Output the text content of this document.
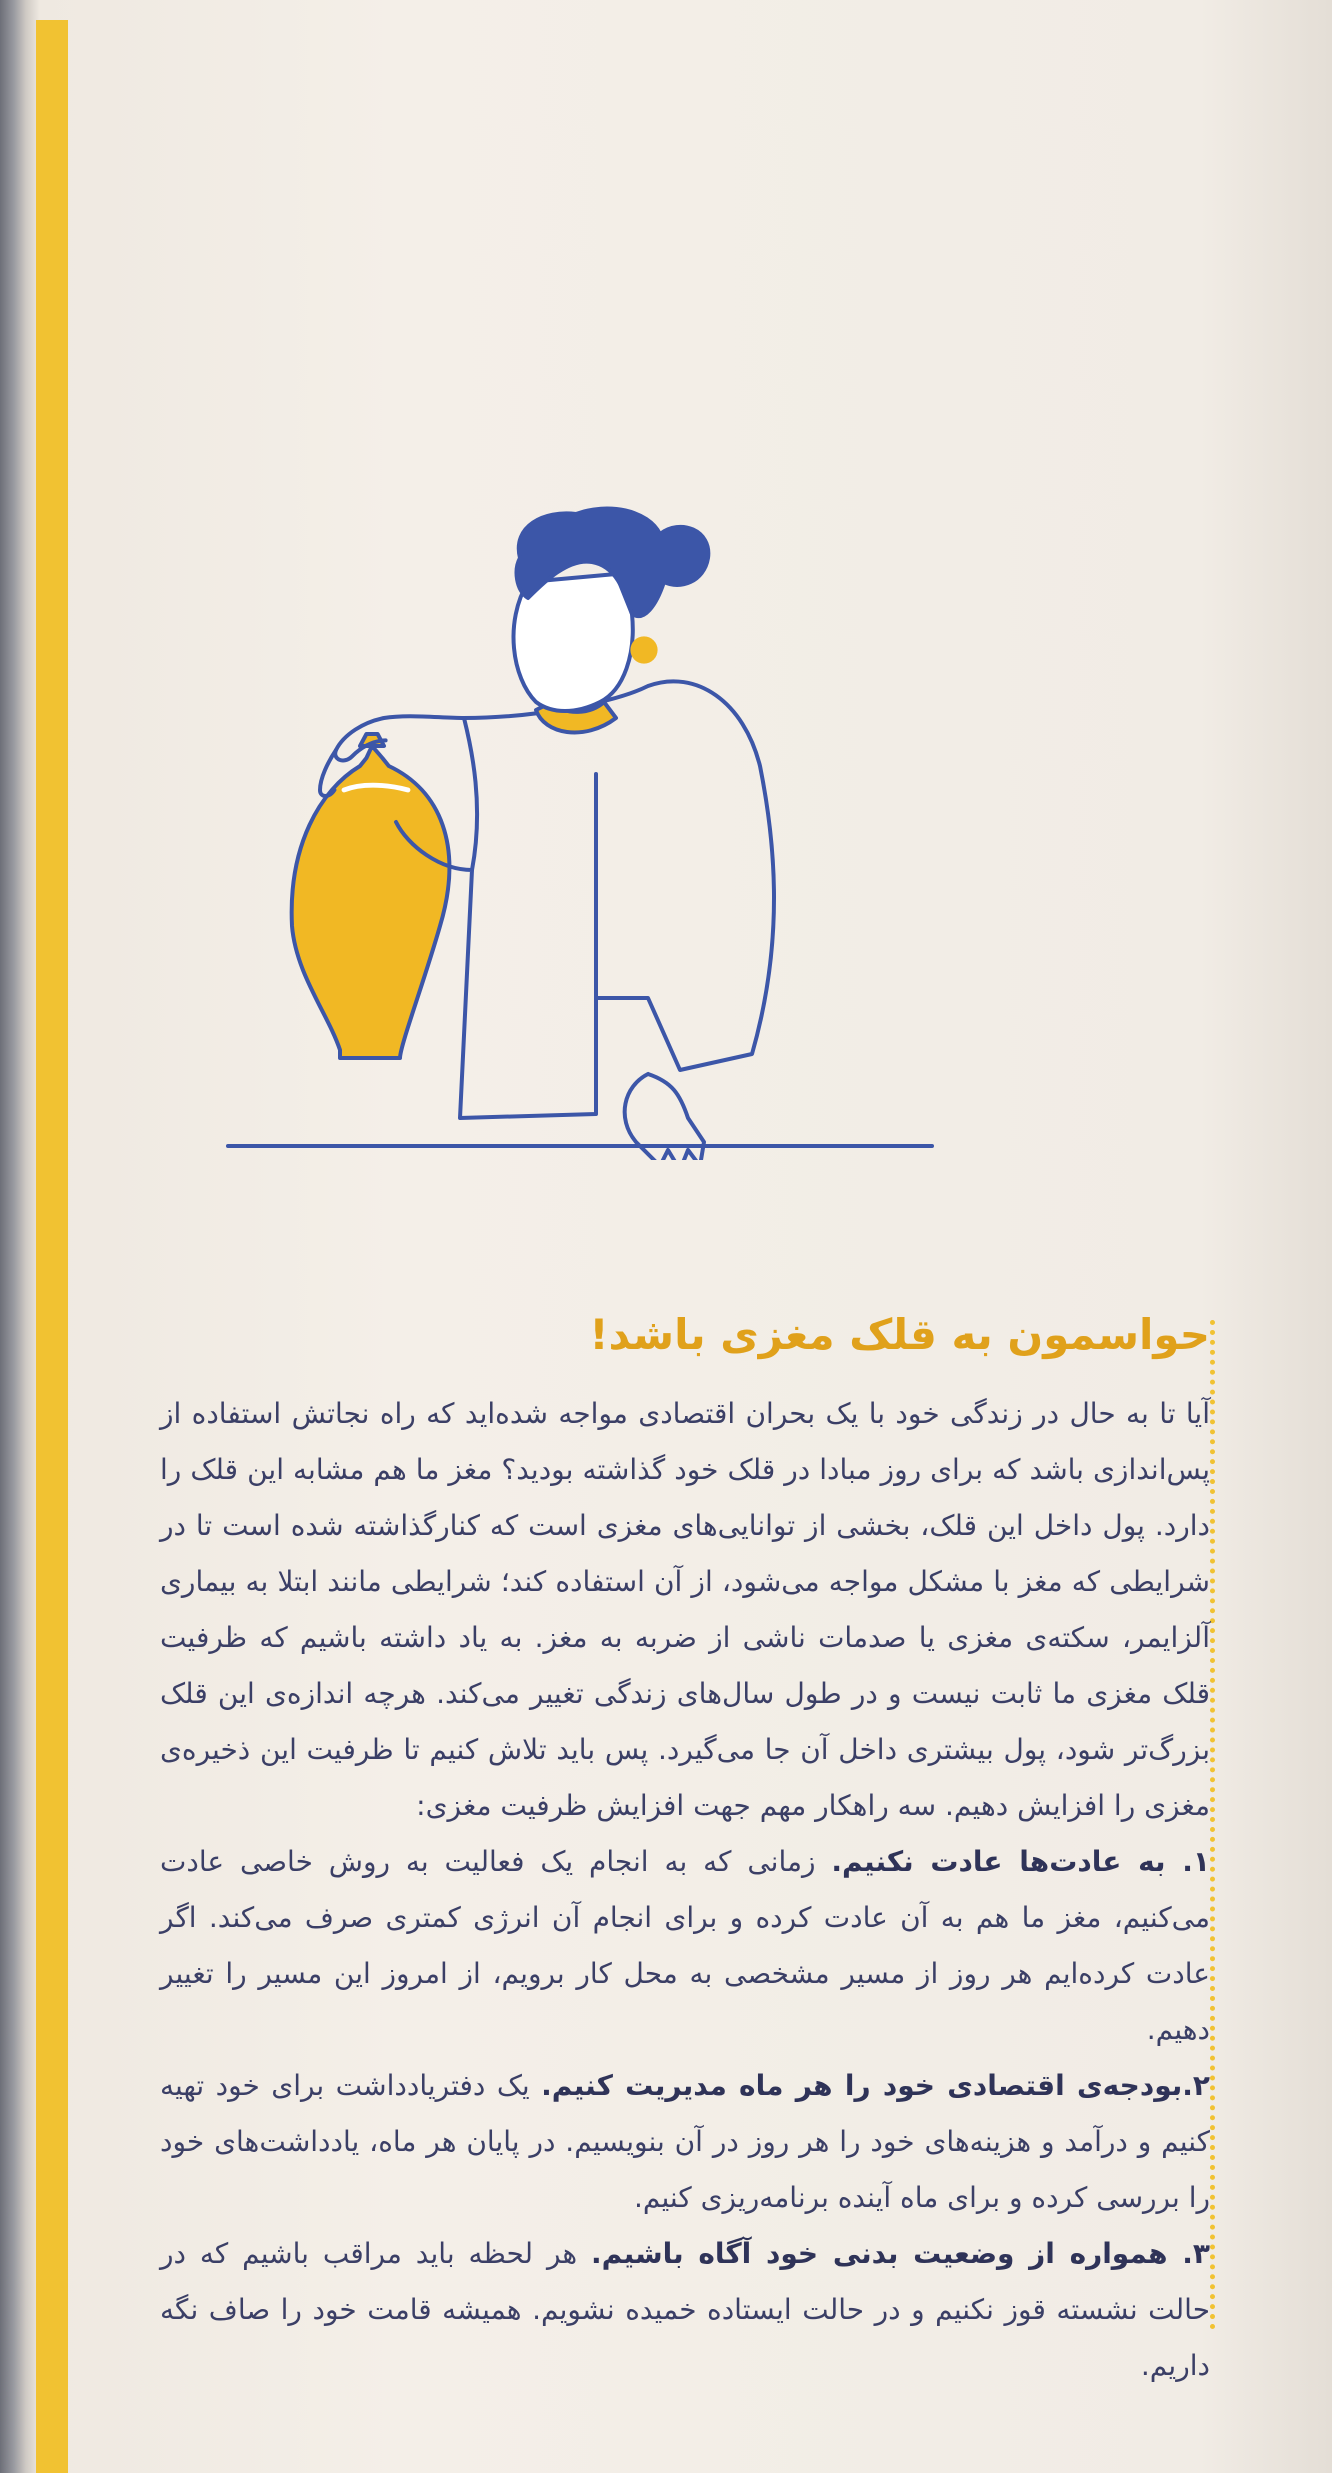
حواسمون به قلک مغزی باشد!

آیا تا به حال در زندگی خود با یک بحران اقتصادی مواجه شده‌اید که راه نجاتش استفاده از پس‌اندازی باشد که برای روز مبادا در قلک خود گذاشته بودید؟ مغز ما هم مشابه این قلک را دارد. پول داخل این قلک، بخشی از توانایی‌های مغزی است که کنارگذاشته شده است تا در شرایطی که مغز با مشکل مواجه می‌شود، از آن استفاده کند؛ شرایطی مانند ابتلا به بیماری آلزایمر، سکته‌ی مغزی یا صدمات ناشی از ضربه به مغز. به یاد داشته باشیم که ظرفیت قلک مغزی ما ثابت نیست و در طول سال‌های زندگی تغییر می‌کند. هرچه اندازه‌ی این قلک بزرگ‌تر شود، پول بیشتری داخل آن جا می‌گیرد. پس باید تلاش کنیم تا ظرفیت این ذخیره‌ی مغزی را افزایش دهیم. سه راهکار مهم جهت افزایش ظرفیت مغزی:

۱. به عادت‌ها عادت نکنیم. زمانی که به انجام یک فعالیت به روش خاصی عادت می‌کنیم، مغز ما هم به آن عادت کرده و برای انجام آن انرژی کمتری صرف می‌کند. اگر عادت کرده‌ایم هر روز از مسیر مشخصی به محل کار برویم، از امروز این مسیر را تغییر دهیم.

۲.بودجه‌ی اقتصادی خود را هر ماه مدیریت کنیم. یک دفتریادداشت برای خود تهیه کنیم و درآمد و هزینه‌های خود را هر روز در آن بنویسیم. در پایان هر ماه، یادداشت‌های خود را بررسی کرده و برای ماه آینده برنامه‌ریزی کنیم.

۳. همواره از وضعیت بدنی خود آگاه باشیم. هر لحظه باید مراقب باشیم که در حالت نشسته قوز نکنیم و در حالت ایستاده خمیده نشویم. همیشه قامت خود را صاف نگه داریم.
